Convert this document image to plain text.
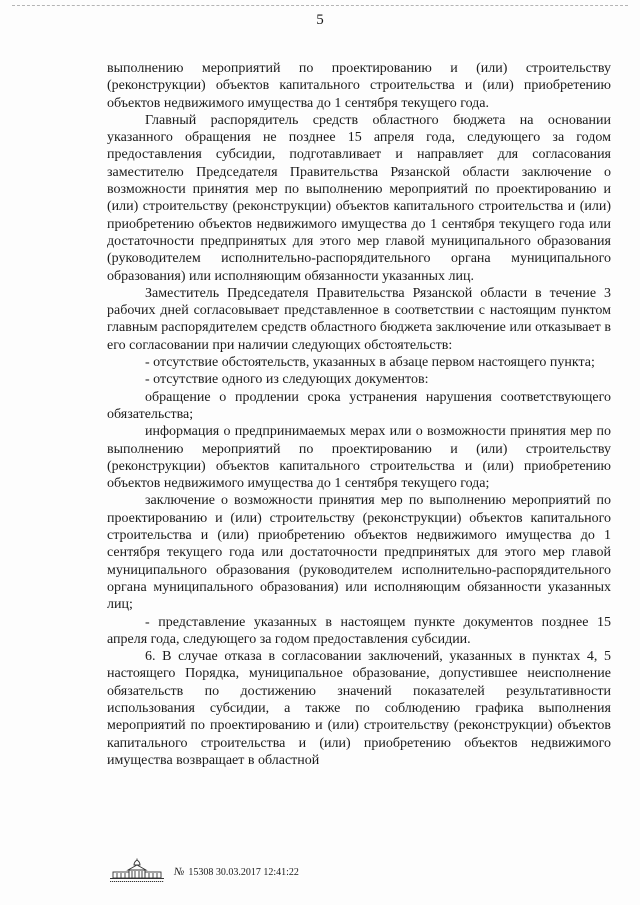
5

выполнению мероприятий по проектированию и (или) строительству (реконструкции) объектов капитального строительства и (или) приобретению объектов недвижимого имущества до 1 сентября текущего года.

Главный распорядитель средств областного бюджета на основании указанного обращения не позднее 15 апреля года, следующего за годом предоставления субсидии, подготавливает и направляет для согласования заместителю Председателя Правительства Рязанской области заключение о возможности принятия мер по выполнению мероприятий по проектированию и (или) строительству (реконструкции) объектов капитального строительства и (или) приобретению объектов недвижимого имущества до 1 сентября текущего года или достаточности предпринятых для этого мер главой муниципального образования (руководителем исполнительно-распорядительного органа муниципального образования) или исполняющим обязанности указанных лиц.

Заместитель Председателя Правительства Рязанской области в течение 3 рабочих дней согласовывает представленное в соответствии с настоящим пунктом главным распорядителем средств областного бюджета заключение или отказывает в его согласовании при наличии следующих обстоятельств:

- отсутствие обстоятельств, указанных в абзаце первом настоящего пункта;

- отсутствие одного из следующих документов:

обращение о продлении срока устранения нарушения соответствующего обязательства;

информация о предпринимаемых мерах или о возможности принятия мер по выполнению мероприятий по проектированию и (или) строительству (реконструкции) объектов капитального строительства и (или) приобретению объектов недвижимого имущества до 1 сентября текущего года;

заключение о возможности принятия мер по выполнению мероприятий по проектированию и (или) строительству (реконструкции) объектов капитального строительства и (или) приобретению объектов недвижимого имущества до 1 сентября текущего года или достаточности предпринятых для этого мер главой муниципального образования (руководителем исполнительно-распорядительного органа муниципального образования) или исполняющим обязанности указанных лиц;

- представление указанных в настоящем пункте документов позднее 15 апреля года, следующего за годом предоставления субсидии.

6. В случае отказа в согласовании заключений, указанных в пунктах 4, 5 настоящего Порядка, муниципальное образование, допустившее неисполнение обязательств по достижению значений показателей результативности использования субсидии, а также по соблюдению графика выполнения мероприятий по проектированию и (или) строительству (реконструкции) объектов капитального строительства и (или) приобретению объектов недвижимого имущества возвращает в областной

№ 15308 30.03.2017 12:41:22
